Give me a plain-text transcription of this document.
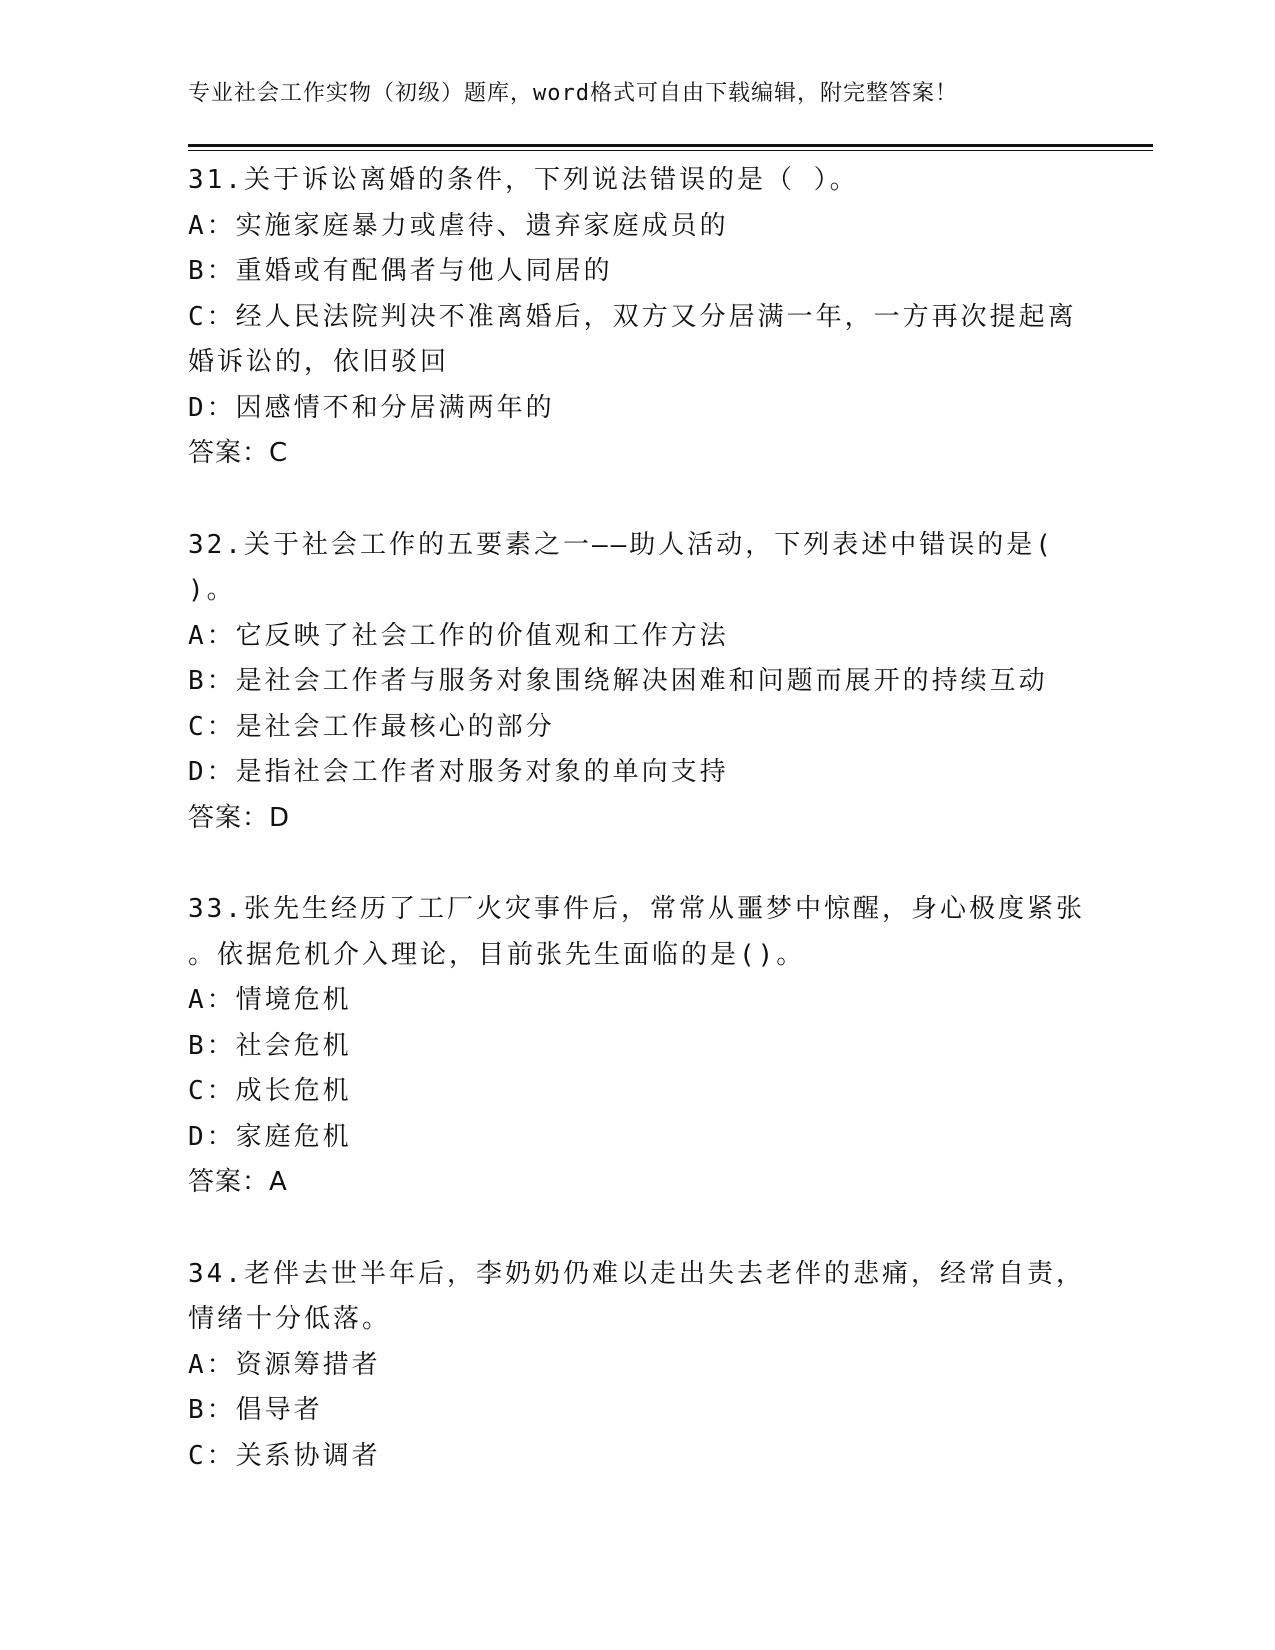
专业社会工作实物（初级）题库，word格式可自由下载编辑，附完整答案！
31.关于诉讼离婚的条件，下列说法错误的是（ ）。
A：实施家庭暴力或虐待、遗弃家庭成员的
B：重婚或有配偶者与他人同居的
C：经人民法院判决不准离婚后，双方又分居满一年，一方再次提起离
婚诉讼的，依旧驳回
D：因感情不和分居满两年的
答案：C
32.关于社会工作的五要素之一——助人活动，下列表述中错误的是(
)。
A：它反映了社会工作的价值观和工作方法
B：是社会工作者与服务对象围绕解决困难和问题而展开的持续互动
C：是社会工作最核心的部分
D：是指社会工作者对服务对象的单向支持
答案：D
33.张先生经历了工厂火灾事件后，常常从噩梦中惊醒，身心极度紧张
。依据危机介入理论，目前张先生面临的是()。
A：情境危机
B：社会危机
C：成长危机
D：家庭危机
答案：A
34.老伴去世半年后，李奶奶仍难以走出失去老伴的悲痛，经常自责，
情绪十分低落。
A：资源筹措者
B：倡导者
C：关系协调者
